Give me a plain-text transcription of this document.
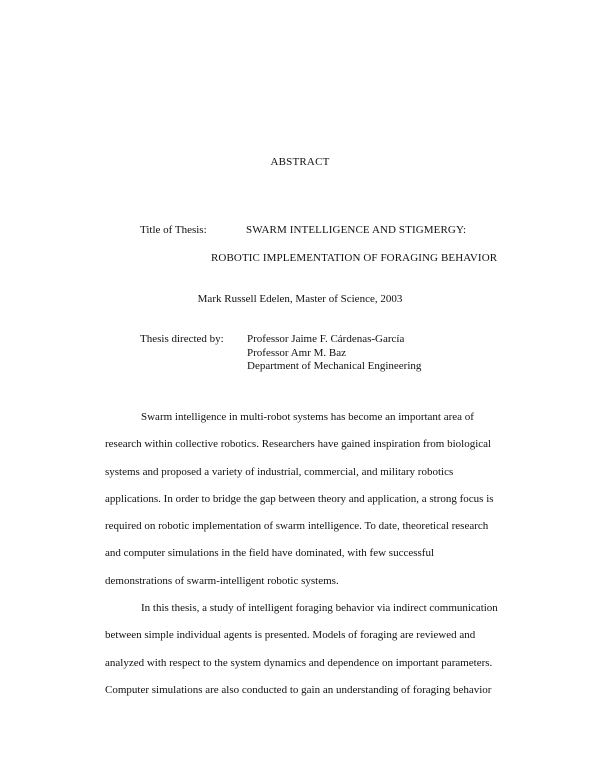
ABSTRACT
Title of Thesis:	SWARM INTELLIGENCE AND STIGMERGY:
ROBOTIC IMPLEMENTATION OF FORAGING BEHAVIOR
Mark Russell Edelen, Master of Science, 2003
Thesis directed by: Professor Jaime F. Cárdenas-García
Professor Amr M. Baz
Department of Mechanical Engineering

Swarm intelligence in multi-robot systems has become an important area of
research within collective robotics. Researchers have gained inspiration from biological
systems and proposed a variety of industrial, commercial, and military robotics
applications. In order to bridge the gap between theory and application, a strong focus is
required on robotic implementation of swarm intelligence. To date, theoretical research
and computer simulations in the field have dominated, with few successful
demonstrations of swarm-intelligent robotic systems.

In this thesis, a study of intelligent foraging behavior via indirect communication
between simple individual agents is presented. Models of foraging are reviewed and
analyzed with respect to the system dynamics and dependence on important parameters.
Computer simulations are also conducted to gain an understanding of foraging behavior
